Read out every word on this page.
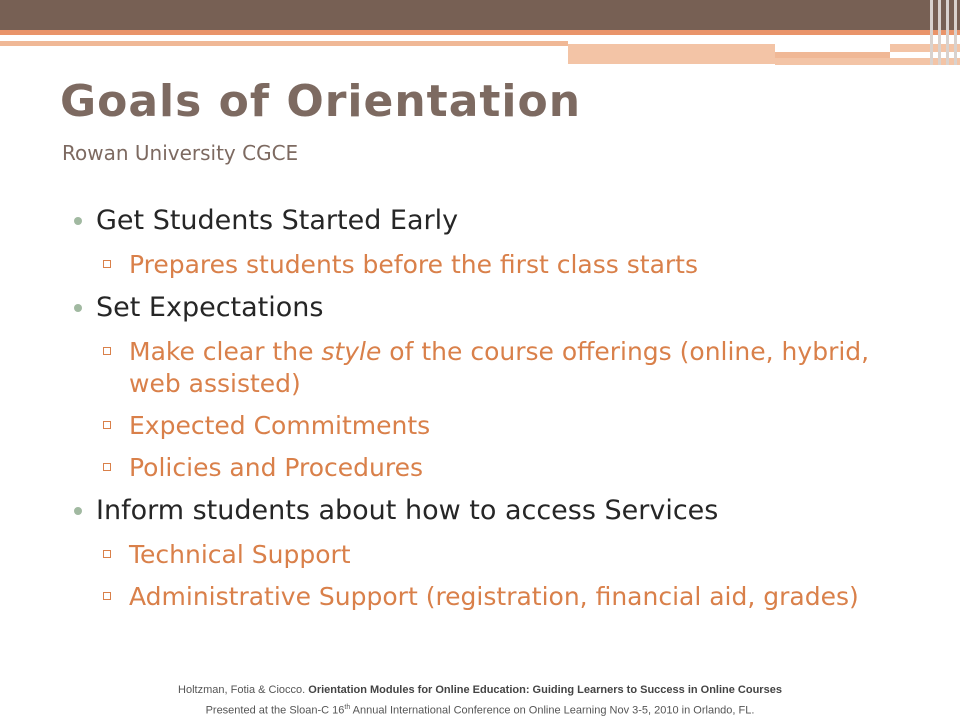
Goals of Orientation
Rowan University CGCE
Get Students Started Early
Prepares students before the first class starts
Set Expectations
Make clear the style of the course offerings (online, hybrid, web assisted)
Expected Commitments
Policies and Procedures
Inform students about how to access Services
Technical Support
Administrative Support (registration, financial aid, grades)
Holtzman, Fotia & Ciocco. Orientation Modules for Online Education: Guiding Learners to Success in Online Courses
Presented at the Sloan-C 16th Annual International Conference on Online Learning Nov 3-5, 2010 in Orlando, FL.
